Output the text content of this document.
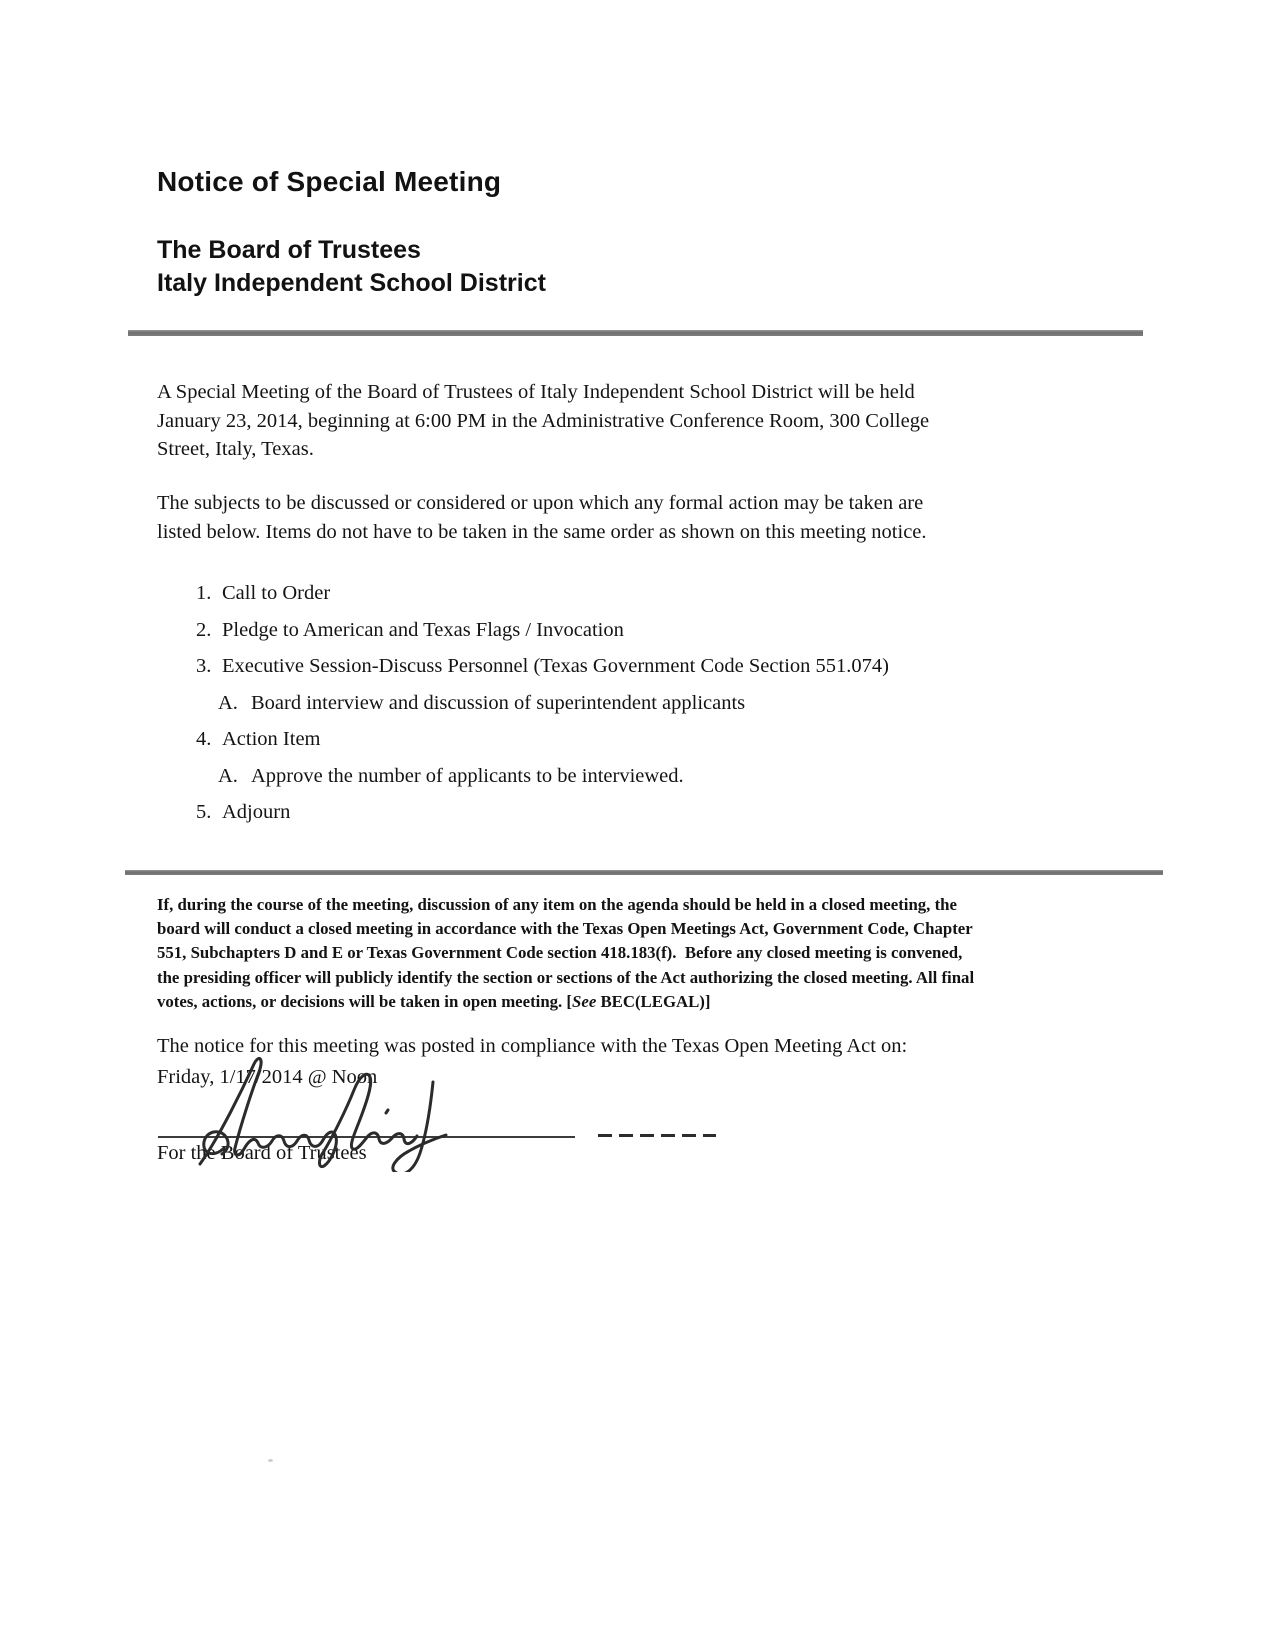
Notice of Special Meeting
The Board of Trustees
Italy Independent School District
A Special Meeting of the Board of Trustees of Italy Independent School District will be held
January 23, 2014, beginning at 6:00 PM in the Administrative Conference Room, 300 College
Street, Italy, Texas.
The subjects to be discussed or considered or upon which any formal action may be taken are
listed below. Items do not have to be taken in the same order as shown on this meeting notice.
1. Call to Order
2. Pledge to American and Texas Flags / Invocation
3. Executive Session-Discuss Personnel (Texas Government Code Section 551.074)
A. Board interview and discussion of superintendent applicants
4. Action Item
A. Approve the number of applicants to be interviewed.
5. Adjourn
If, during the course of the meeting, discussion of any item on the agenda should be held in a closed meeting, the
board will conduct a closed meeting in accordance with the Texas Open Meetings Act, Government Code, Chapter
551, Subchapters D and E or Texas Government Code section 418.183(f).  Before any closed meeting is convened,
the presiding officer will publicly identify the section or sections of the Act authorizing the closed meeting. All final
votes, actions, or decisions will be taken in open meeting. [See BEC(LEGAL)]
The notice for this meeting was posted in compliance with the Texas Open Meeting Act on:
Friday, 1/17/2014 @ Noon
For the Board of Trustees
